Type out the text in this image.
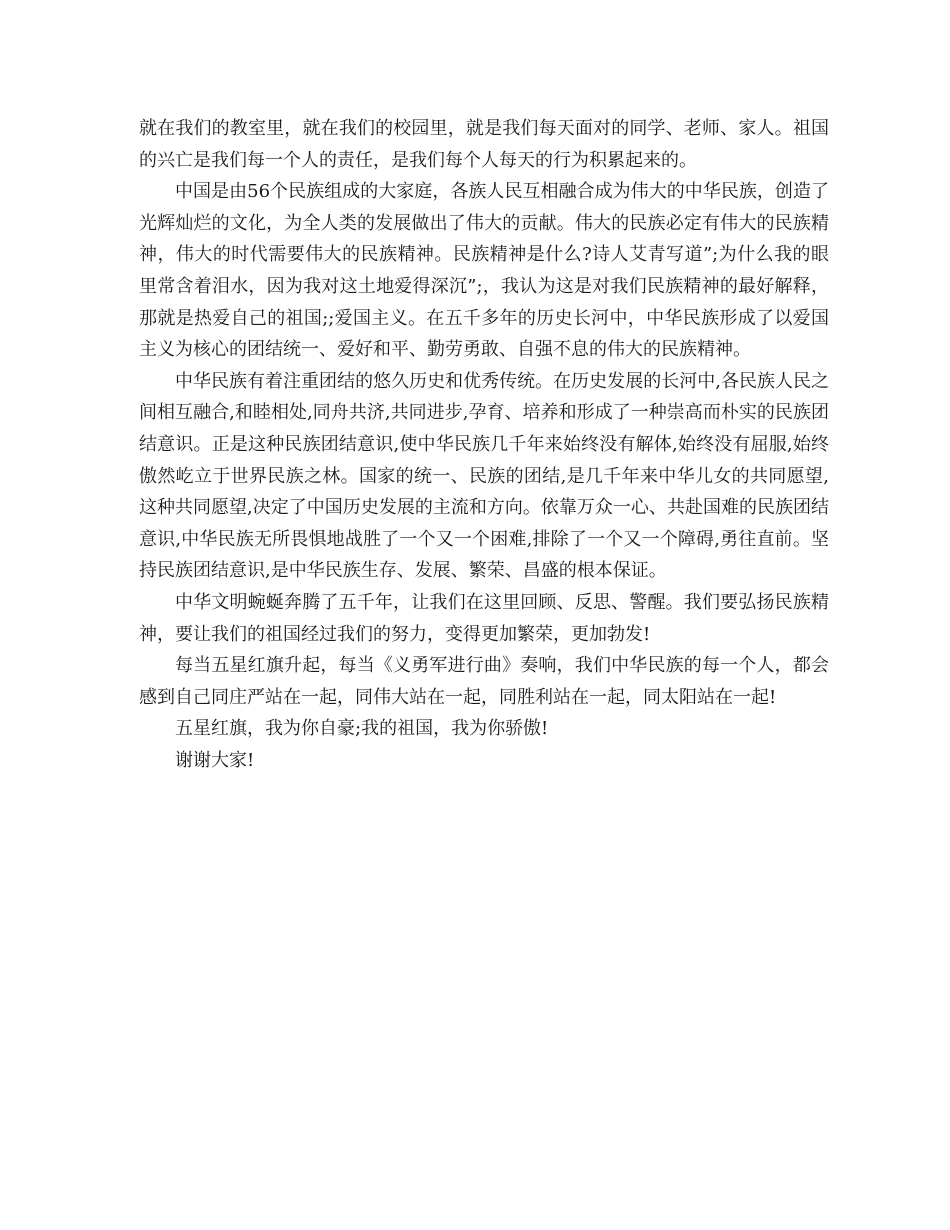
就在我们的教室里，就在我们的校园里，就是我们每天面对的同学、老师、家人。祖国的兴亡是我们每一个人的责任，是我们每个人每天的行为积累起来的。

中国是由56个民族组成的大家庭，各族人民互相融合成为伟大的中华民族，创造了光辉灿烂的文化，为全人类的发展做出了伟大的贡献。伟大的民族必定有伟大的民族精神，伟大的时代需要伟大的民族精神。民族精神是什么?诗人艾青写道”;为什么我的眼里常含着泪水，因为我对这土地爱得深沉”;，我认为这是对我们民族精神的最好解释，那就是热爱自己的祖国;;爱国主义。在五千多年的历史长河中，中华民族形成了以爱国主义为核心的团结统一、爱好和平、勤劳勇敢、自强不息的伟大的民族精神。

中华民族有着注重团结的悠久历史和优秀传统。在历史发展的长河中,各民族人民之间相互融合,和睦相处,同舟共济,共同进步,孕育、培养和形成了一种崇高而朴实的民族团结意识。正是这种民族团结意识,使中华民族几千年来始终没有解体,始终没有屈服,始终傲然屹立于世界民族之林。国家的统一、民族的团结,是几千年来中华儿女的共同愿望,这种共同愿望,决定了中国历史发展的主流和方向。依靠万众一心、共赴国难的民族团结意识,中华民族无所畏惧地战胜了一个又一个困难,排除了一个又一个障碍,勇往直前。坚持民族团结意识,是中华民族生存、发展、繁荣、昌盛的根本保证。

中华文明蜿蜒奔腾了五千年，让我们在这里回顾、反思、警醒。我们要弘扬民族精神，要让我们的祖国经过我们的努力，变得更加繁荣，更加勃发!

每当五星红旗升起，每当《义勇军进行曲》奏响，我们中华民族的每一个人，都会感到自己同庄严站在一起，同伟大站在一起，同胜利站在一起，同太阳站在一起!

五星红旗，我为你自豪;我的祖国，我为你骄傲!

谢谢大家!
